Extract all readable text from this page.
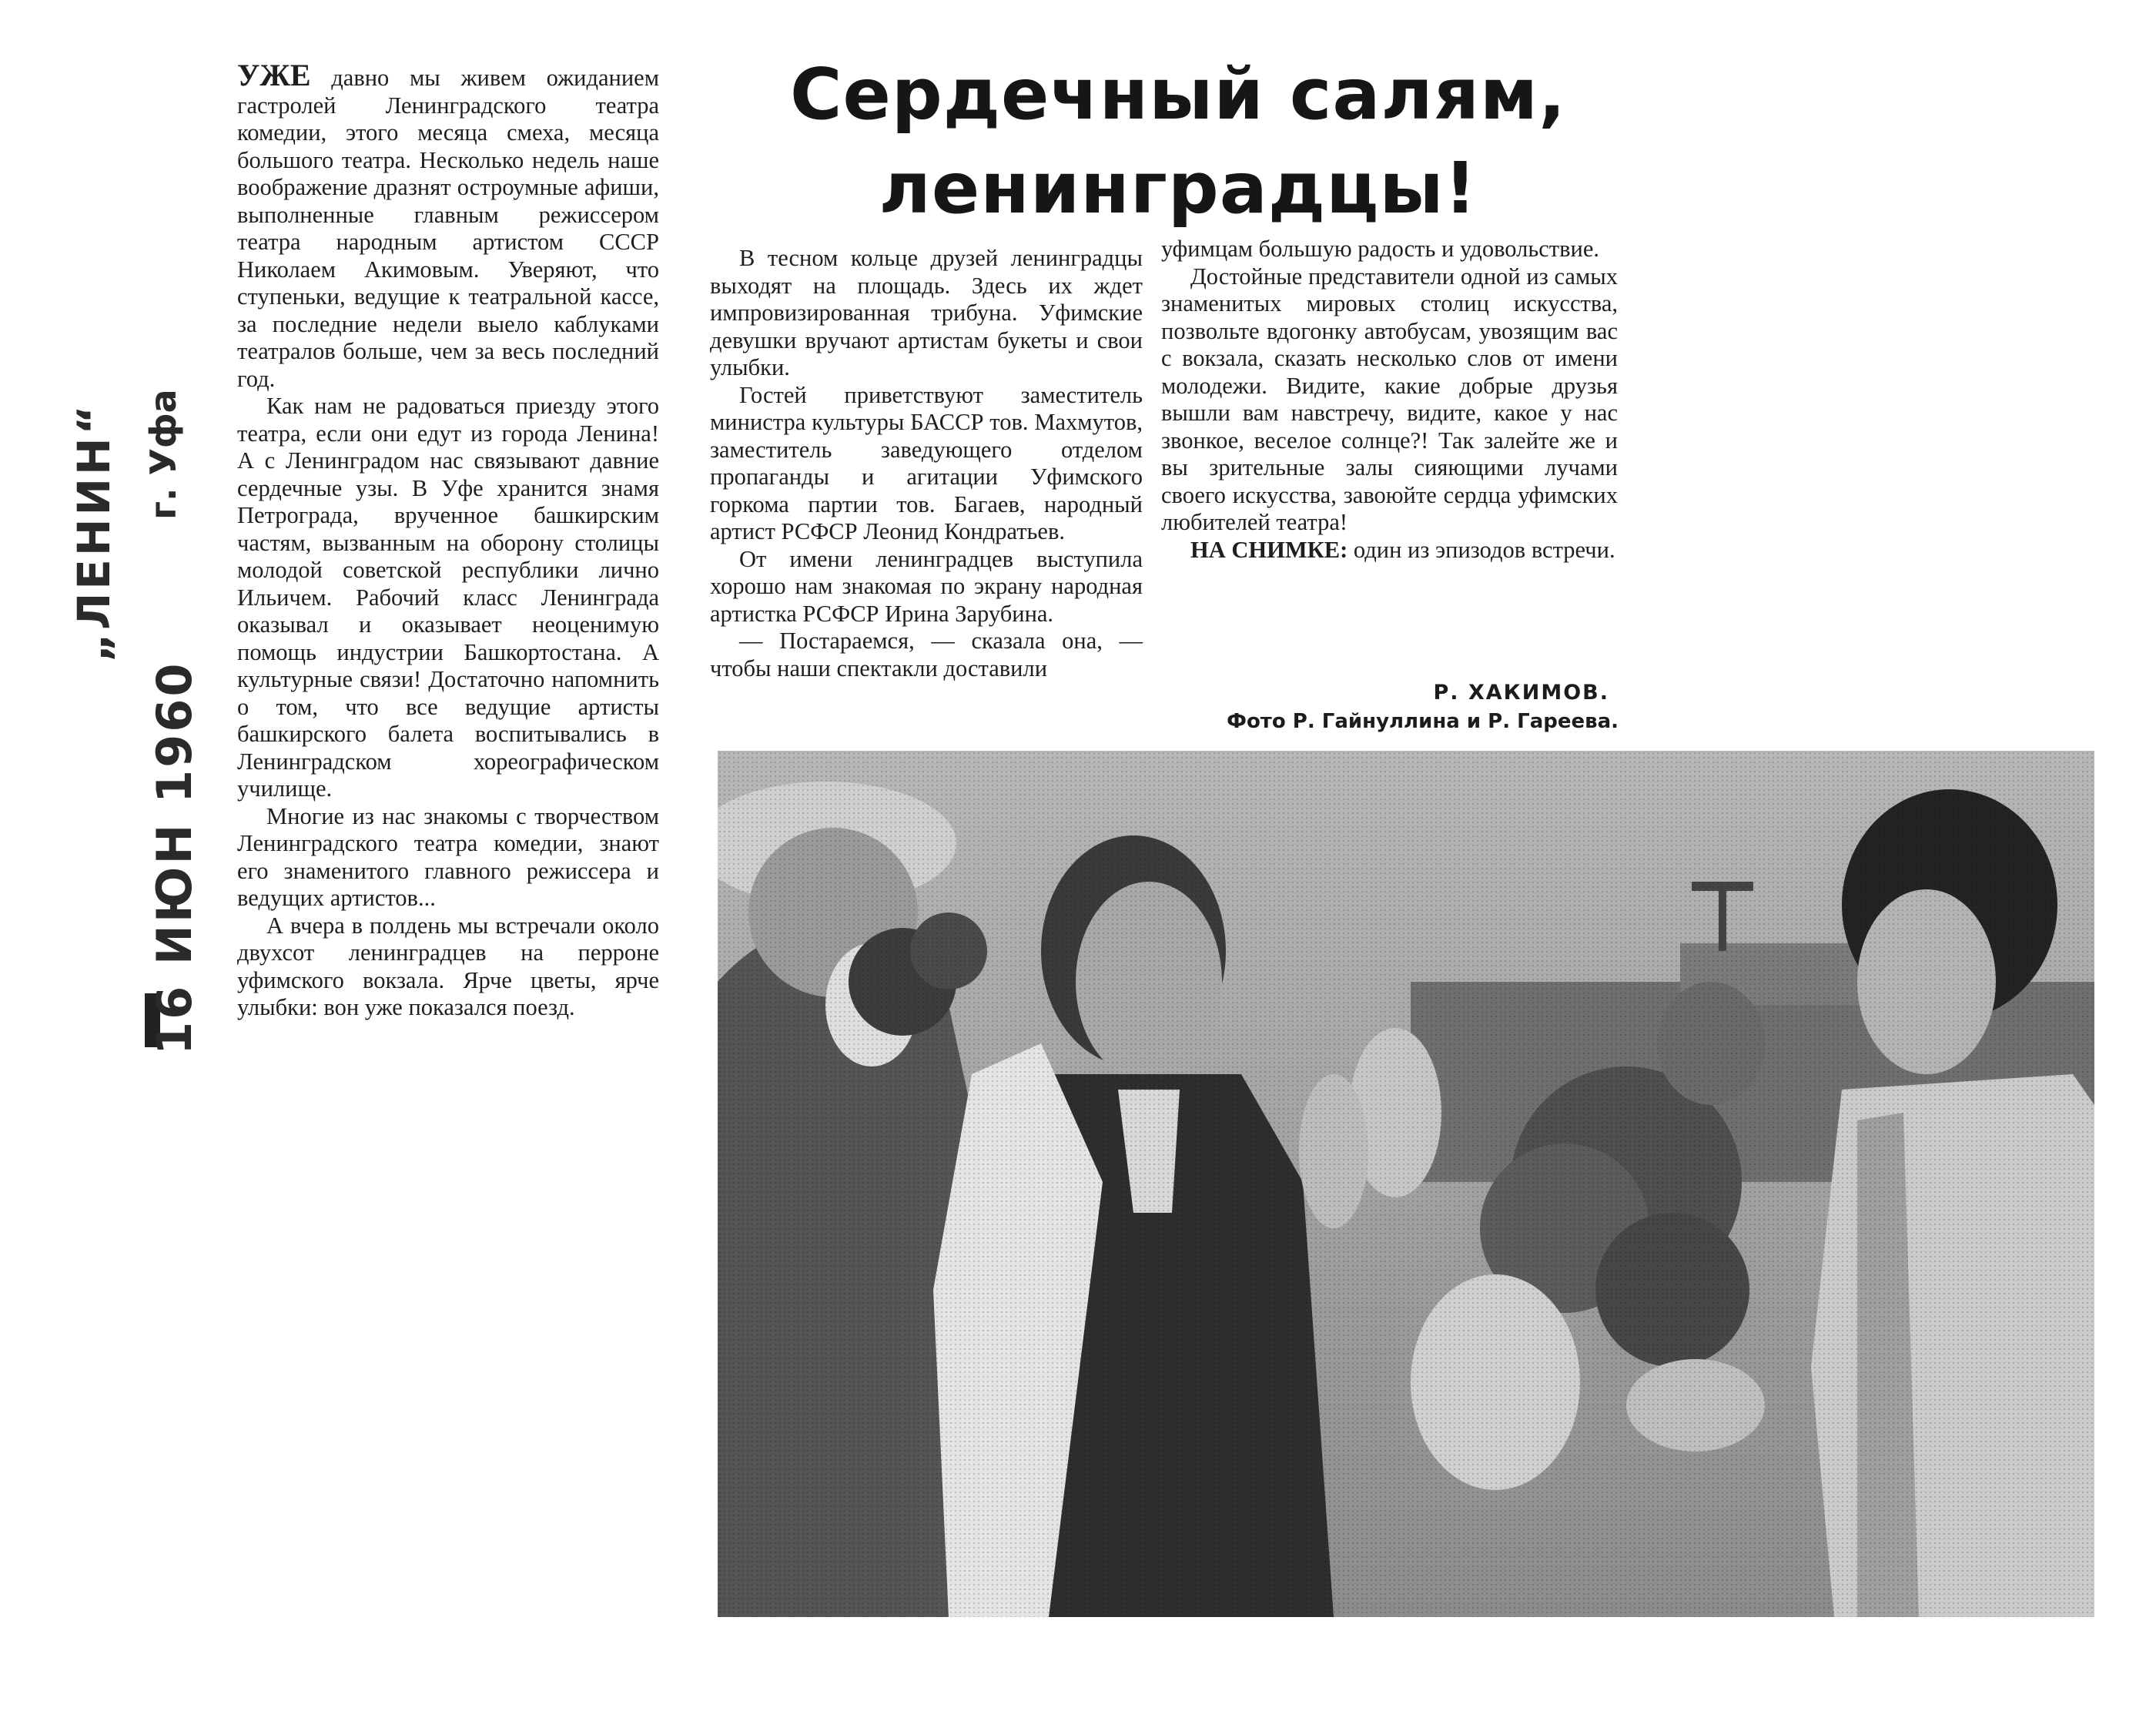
„ЛЕНИН“ г. Уфа
16 ИЮН 1960

УЖЕ давно мы живем ожиданием гастролей Ленинградского театра комедии, этого месяца смеха, месяца большого театра. Несколько недель наше воображение дразнят остроумные афиши, выполненные главным режиссером театра народным артистом СССР Николаем Акимовым. Уверяют, что ступеньки, ведущие к театральной кассе, за последние недели выело каблуками театралов больше, чем за весь последний год.

Как нам не радоваться приезду этого театра, если они едут из города Ленина! А с Ленинградом нас связывают давние сердечные узы. В Уфе хранится знамя Петрограда, врученное башкирским частям, вызванным на оборону столицы молодой советской республики лично Ильичем. Рабочий класс Ленинграда оказывал и оказывает неоценимую помощь индустрии Башкортостана. А культурные связи! Достаточно напомнить о том, что все ведущие артисты башкирского балета воспитывались в Ленинградском хореографическом училище.

Многие из нас знакомы с творчеством Ленинградского театра комедии, знают его знаменитого главного режиссера и ведущих артистов...

А вчера в полдень мы встречали около двухсот ленинградцев на перроне уфимского вокзала. Ярче цветы, ярче улыбки: вон уже показался поезд.

Сердечный салям,
ленинградцы!

В тесном кольце друзей ленинградцы выходят на площадь. Здесь их ждет импровизированная трибуна. Уфимские девушки вручают артистам букеты и свои улыбки.

Гостей приветствуют заместитель министра культуры БАССР тов. Махмутов, заместитель заведующего отделом пропаганды и агитации Уфимского горкома партии тов. Багаев, народный артист РСФСР Леонид Кондратьев.

От имени ленинградцев выступила хорошо нам знакомая по экрану народная артистка РСФСР Ирина Зарубина.

— Постараемся, — сказала она, — чтобы наши спектакли доставили

уфимцам большую радость и удовольствие.

Достойные представители одной из самых знаменитых мировых столиц искусства, позвольте вдогонку автобусам, увозящим вас с вокзала, сказать несколько слов от имени молодежи. Видите, какие добрые друзья вышли вам навстречу, видите, какое у нас звонкое, веселое солнце?! Так залейте же и вы зрительные залы сияющими лучами своего искусства, завоюйте сердца уфимских любителей театра!

НА СНИМКЕ: один из эпизодов встречи.

Р. ХАКИМОВ.
Фото Р. Гайнуллина и Р. Гареева.
